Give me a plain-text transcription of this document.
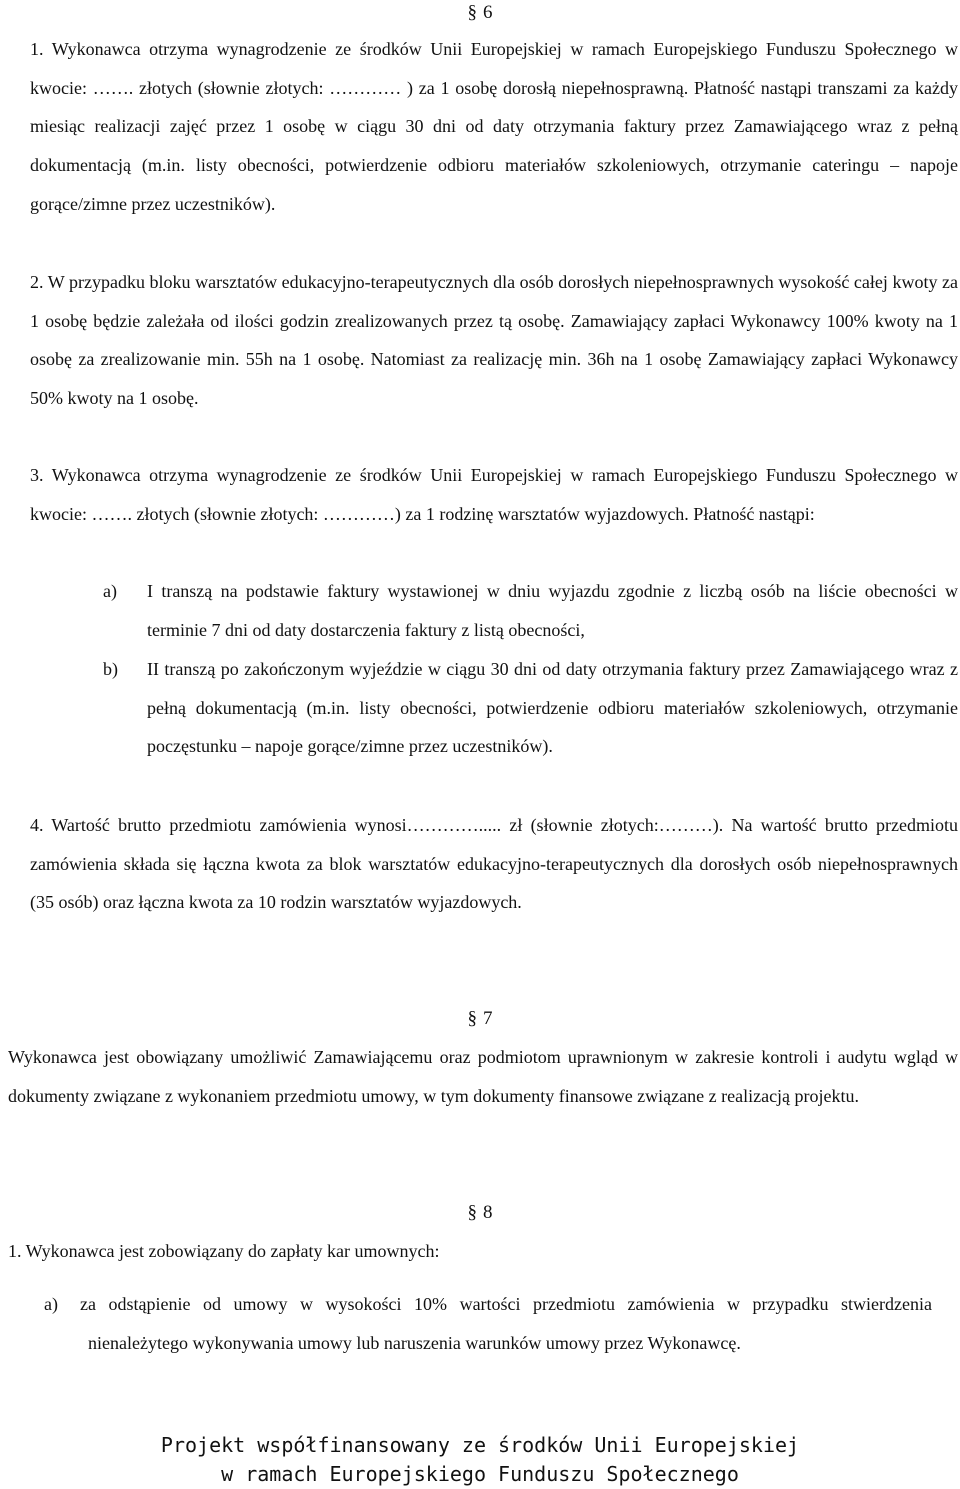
§ 6

1. Wykonawca otrzyma wynagrodzenie ze środków Unii Europejskiej w ramach Europejskiego Funduszu Społecznego w kwocie: ……. złotych (słownie złotych: ………… ) za 1 osobę dorosłą niepełnosprawną. Płatność nastąpi transzami za każdy miesiąc realizacji zajęć przez 1 osobę w ciągu 30 dni od daty otrzymania faktury przez Zamawiającego wraz z pełną dokumentacją (m.in. listy obecności, potwierdzenie odbioru materiałów szkoleniowych, otrzymanie cateringu – napoje gorące/zimne przez uczestników).

2. W przypadku bloku warsztatów edukacyjno-terapeutycznych dla osób dorosłych niepełnosprawnych wysokość całej kwoty za 1 osobę będzie zależała od ilości godzin zrealizowanych przez tą osobę. Zamawiający zapłaci Wykonawcy 100% kwoty na 1 osobę za zrealizowanie min. 55h na 1 osobę. Natomiast za realizację min. 36h na 1 osobę Zamawiający zapłaci Wykonawcy 50% kwoty na 1 osobę.

3. Wykonawca otrzyma wynagrodzenie ze środków Unii Europejskiej w ramach Europejskiego Funduszu Społecznego w kwocie: ……. złotych (słownie złotych: …………) za 1 rodzinę warsztatów wyjazdowych. Płatność nastąpi:

a) I transzą na podstawie faktury wystawionej w dniu wyjazdu zgodnie z liczbą osób na liście obecności w terminie 7 dni od daty dostarczenia faktury z listą obecności,
b) II transzą po zakończonym wyjeździe w ciągu 30 dni od daty otrzymania faktury przez Zamawiającego wraz z pełną dokumentacją (m.in. listy obecności, potwierdzenie odbioru materiałów szkoleniowych, otrzymanie poczęstunku – napoje gorące/zimne przez uczestników).

4. Wartość brutto przedmiotu zamówienia wynosi…………..... zł (słownie złotych:………). Na wartość brutto przedmiotu zamówienia składa się łączna kwota za blok warsztatów edukacyjno-terapeutycznych dla dorosłych osób niepełnosprawnych (35 osób) oraz łączna kwota za 10 rodzin warsztatów wyjazdowych.

§ 7

Wykonawca jest obowiązany umożliwić Zamawiającemu oraz podmiotom uprawnionym w zakresie kontroli i audytu wgląd w dokumenty związane z wykonaniem przedmiotu umowy, w tym dokumenty finansowe związane z realizacją projektu.

§ 8

1. Wykonawca jest zobowiązany do zapłaty kar umownych:

a) za odstąpienie od umowy w wysokości 10% wartości przedmiotu zamówienia w przypadku stwierdzenia nienależytego wykonywania umowy lub naruszenia warunków umowy przez Wykonawcę.
Projekt współfinansowany ze środków Unii Europejskiej
w ramach Europejskiego Funduszu Społecznego
